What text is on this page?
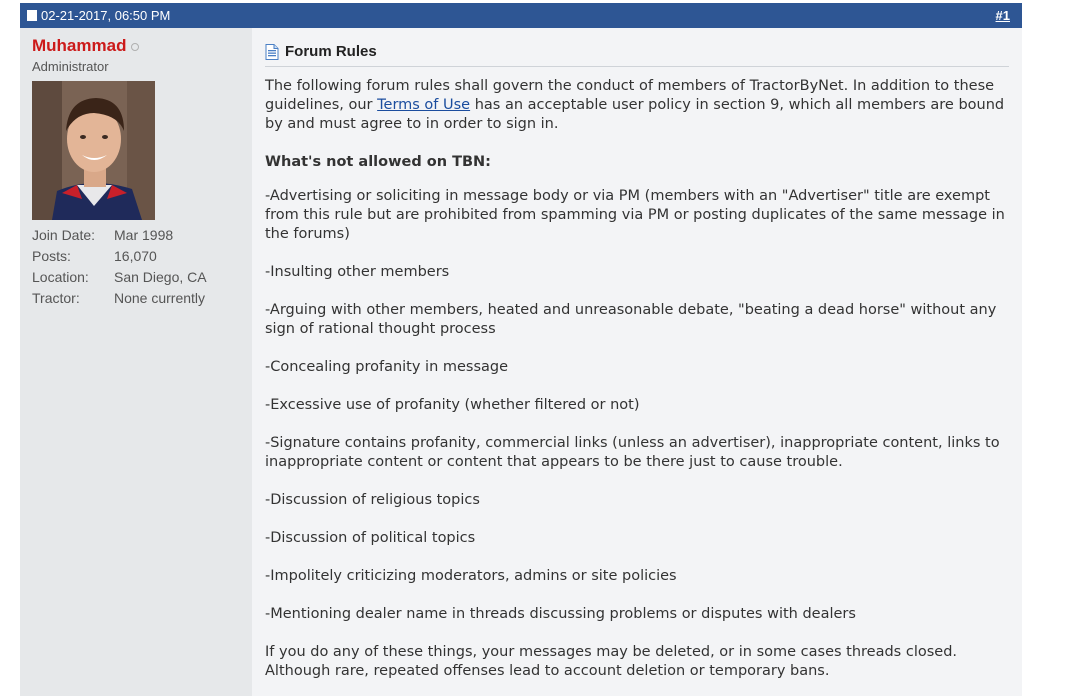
02-21-2017, 06:50 PM	#1
Muhammad
Administrator
Join Date:	Mar 1998
Posts:	16,070
Location:	San Diego, CA
Tractor:	None currently
Forum Rules

The following forum rules shall govern the conduct of members of TractorByNet. In addition to these guidelines, our Terms of Use has an acceptable user policy in section 9, which all members are bound by and must agree to in order to sign in.

What's not allowed on TBN:

-Advertising or soliciting in message body or via PM (members with an "Advertiser" title are exempt from this rule but are prohibited from spamming via PM or posting duplicates of the same message in the forums)

-Insulting other members

-Arguing with other members, heated and unreasonable debate, "beating a dead horse" without any sign of rational thought process

-Concealing profanity in message

-Excessive use of profanity (whether filtered or not)

-Signature contains profanity, commercial links (unless an advertiser), inappropriate content, links to inappropriate content or content that appears to be there just to cause trouble.

-Discussion of religious topics

-Discussion of political topics

-Impolitely criticizing moderators, admins or site policies

-Mentioning dealer name in threads discussing problems or disputes with dealers

If you do any of these things, your messages may be deleted, or in some cases threads closed. Although rare, repeated offenses lead to account deletion or temporary bans.
